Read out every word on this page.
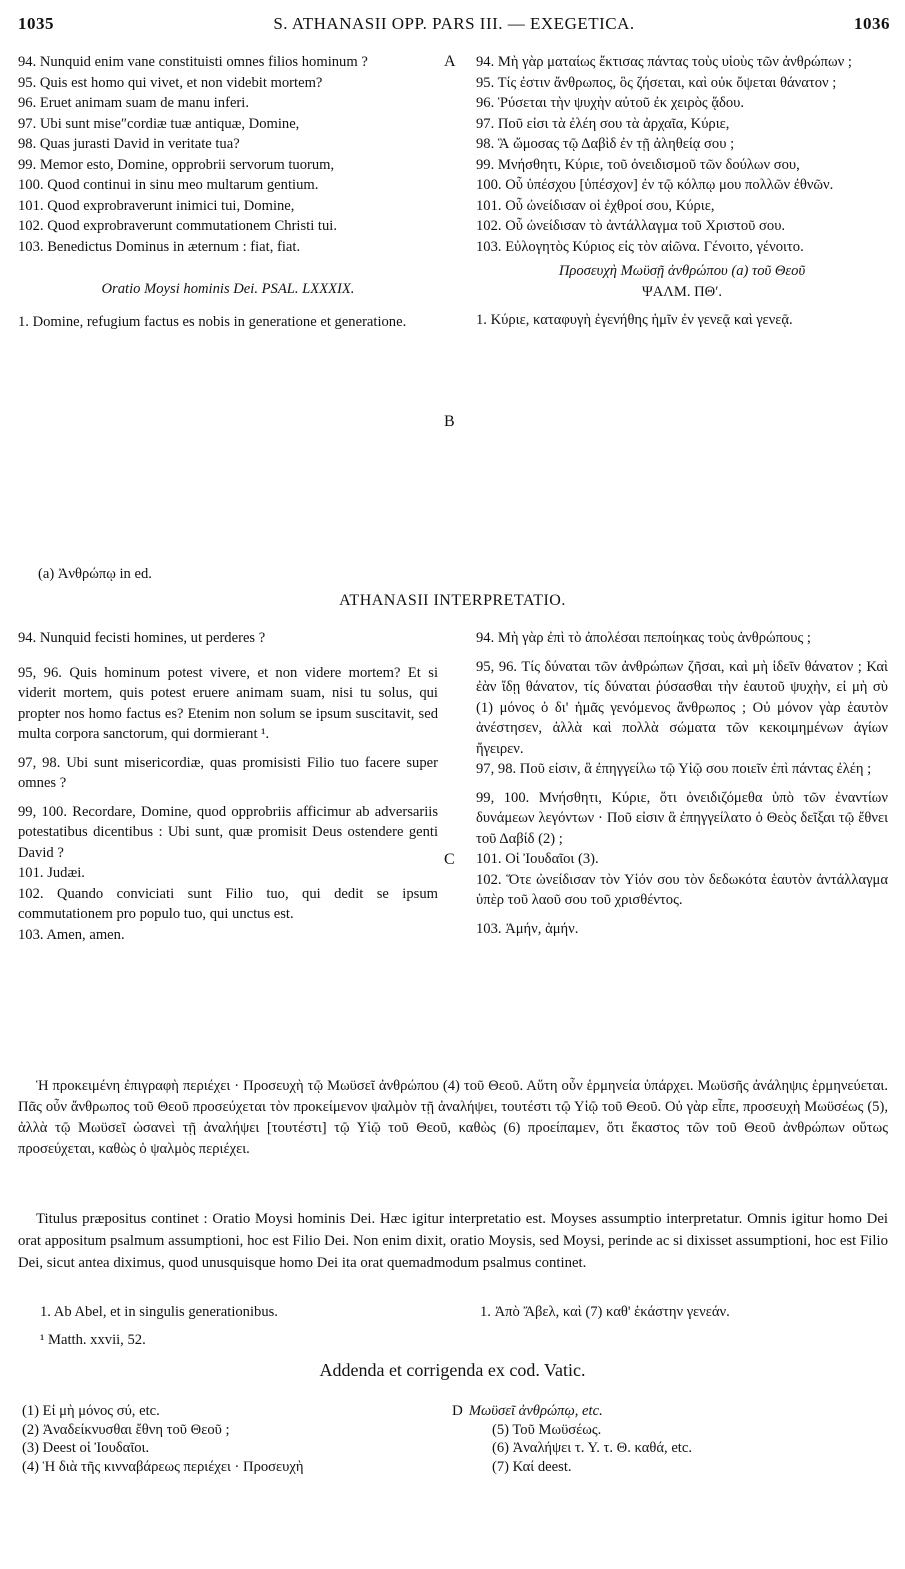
1035	S. ATHANASII OPP. PARS III. — EXEGETICA.	1036

94. Nunquid enim vane constituisti omnes filios hominum ?

95. Quis est homo qui vivet, et non videbit mortem?

96. Eruet animam suam de manu inferi.

97. Ubi sunt mise″cordiæ tuæ antiquæ, Domine,

98. Quas jurasti David in veritate tua?

99. Memor esto, Domine, opprobrii servorum tuorum,

100. Quod continui in sinu meo multarum gentium.

101. Quod exprobraverunt inimici tui, Domine,

102. Quod exprobraverunt commutationem Christi tui.

103. Benedictus Dominus in æternum : fiat, fiat.

Oratio Moysi hominis Dei. PSAL. LXXXIX.

1. Domine, refugium factus es nobis in generatione et generatione.

94. Μὴ γὰρ ματαίως ἔκτισας πάντας τοὺς υἱοὺς τῶν ἀνθρώπων ;

95. Τίς ἐστιν ἄνθρωπος, ὃς ζήσεται, καὶ οὐκ ὄψεται θάνατον ;

96. Ῥύσεται τὴν ψυχὴν αὐτοῦ ἐκ χειρὸς ᾅδου.

97. Ποῦ εἰσι τὰ ἐλέη σου τὰ ἀρχαῖα, Κύριε,

98. Ἃ ὤμοσας τῷ Δαβὶδ ἐν τῇ ἀληθείᾳ σου ;

99. Μνήσθητι, Κύριε, τοῦ ὀνειδισμοῦ τῶν δούλων σου,

100. Οὗ ὑπέσχου [ὑπέσχον] ἐν τῷ κόλπῳ μου πολλῶν ἐθνῶν.

101. Οὗ ὠνείδισαν οἱ ἐχθροί σου, Κύριε,

102. Οὗ ὠνείδισαν τὸ ἀντάλλαγμα τοῦ Χριστοῦ σου.

103. Εὐλογητὸς Κύριος εἰς τὸν αἰῶνα. Γένοιτο, γένοιτο.

Προσευχὴ Μωϋσῇ ἀνθρώπου (a) τοῦ Θεοῦ

ΨΑΛΜ. ΠΘʹ.

1. Κύριε, καταφυγὴ ἐγενήθης ἡμῖν ἐν γενεᾷ καὶ γενεᾷ.

A
B
(a) Ἀνθρώπῳ in ed.
ATHANASII INTERPRETATIO.

94. Nunquid fecisti homines, ut perderes ?

95, 96. Quis hominum potest vivere, et non videre mortem? Et si viderit mortem, quis potest eruere animam suam, nisi tu solus, qui propter nos homo factus es? Etenim non solum se ipsum suscitavit, sed multa corpora sanctorum, qui dormierant ¹.

97, 98. Ubi sunt misericordiæ, quas promisisti Filio tuo facere super omnes ?

99, 100. Recordare, Domine, quod opprobriis afficimur ab adversariis potestatibus dicentibus : Ubi sunt, quæ promisit Deus ostendere genti David ?

101. Judæi.

102. Quando conviciati sunt Filio tuo, qui dedit se ipsum commutationem pro populo tuo, qui unctus est.

103. Amen, amen.

94. Μὴ γὰρ ἐπὶ τὸ ἀπολέσαι πεποίηκας τοὺς ἀνθρώπους ;

95, 96. Τίς δύναται τῶν ἀνθρώπων ζῆσαι, καὶ μὴ ἰδεῖν θάνατον ; Καὶ ἐὰν ἴδῃ θάνατον, τίς δύναται ῥύσασθαι τὴν ἑαυτοῦ ψυχὴν, εἰ μὴ σὺ (1) μόνος ὁ δι' ἡμᾶς γενόμενος ἄνθρωπος ; Οὐ μόνον γὰρ ἑαυτὸν ἀνέστησεν, ἀλλὰ καὶ πολλὰ σώματα τῶν κεκοιμημένων ἁγίων ἤγειρεν.

97, 98. Ποῦ εἰσιν, ἃ ἐπηγγείλω τῷ Υἱῷ σου ποιεῖν ἐπὶ πάντας ἐλέη ;

99, 100. Μνήσθητι, Κύριε, ὅτι ὀνειδιζόμεθα ὑπὸ τῶν ἐναντίων δυνάμεων λεγόντων · Ποῦ εἰσιν ἃ ἐπηγγείλατο ὁ Θεὸς δεῖξαι τῷ ἔθνει τοῦ Δαβίδ (2) ;

101. Οἱ Ἰουδαῖοι (3).

102. Ὅτε ὠνείδισαν τὸν Υἱόν σου τὸν δεδωκότα ἑαυτὸν ἀντάλλαγμα ὑπὲρ τοῦ λαοῦ σου τοῦ χρισθέντος.

103. Ἀμήν, ἀμήν.

C

Ἡ προκειμένη ἐπιγραφὴ περιέχει · Προσευχὴ τῷ Μωϋσεῖ ἀνθρώπου (4) τοῦ Θεοῦ. Αὕτη οὖν ἑρμηνεία ὑπάρχει. Μωϋσῆς ἀνάληψις ἑρμηνεύεται. Πᾶς οὖν ἄνθρωπος τοῦ Θεοῦ προσεύχεται τὸν προκείμενον ψαλμὸν τῇ ἀναλήψει, τουτέστι τῷ Υἱῷ τοῦ Θεοῦ. Οὐ γὰρ εἶπε, προσευχὴ Μωϋσέως (5), ἀλλὰ τῷ Μωϋσεῖ ὡσανεὶ τῇ ἀναλήψει [τουτέστι] τῷ Υἱῷ τοῦ Θεοῦ, καθὼς (6) προείπαμεν, ὅτι ἕκαστος τῶν τοῦ Θεοῦ ἀνθρώπων οὕτως προσεύχεται, καθὼς ὁ ψαλμὸς περιέχει.

Titulus præpositus continet : Oratio Moysi hominis Dei. Hæc igitur interpretatio est. Moyses assumptio interpretatur. Omnis igitur homo Dei orat appositum psalmum assumptioni, hoc est Filio Dei. Non enim dixit, oratio Moysis, sed Moysi, perinde ac si dixisset assumptioni, hoc est Filio Dei, sicut antea diximus, quod unusquisque homo Dei ita orat quemadmodum psalmus continet.

1. Ab Abel, et in singulis generationibus.	1. Ἀπὸ Ἄβελ, καὶ (7) καθ' ἑκάστην γενεάν.
¹ Matth. xxvii, 52.
Addenda et corrigenda ex cod. Vatic.
(1) Εἰ μὴ μόνος σύ, etc.
(2) Ἀναδείκνυσθαι ἔθνη τοῦ Θεοῦ ;
(3) Deest οἱ Ἰουδαῖοι.
(4) Ἡ διὰ τῆς κινναβάρεως περιέχει · Προσευχὴ
D Μωϋσεῖ ἀνθρώπῳ, etc.
(5) Τοῦ Μωϋσέως.
(6) Ἀναλήψει τ. Υ. τ. Θ. καθά, etc.
(7) Καί deest.
